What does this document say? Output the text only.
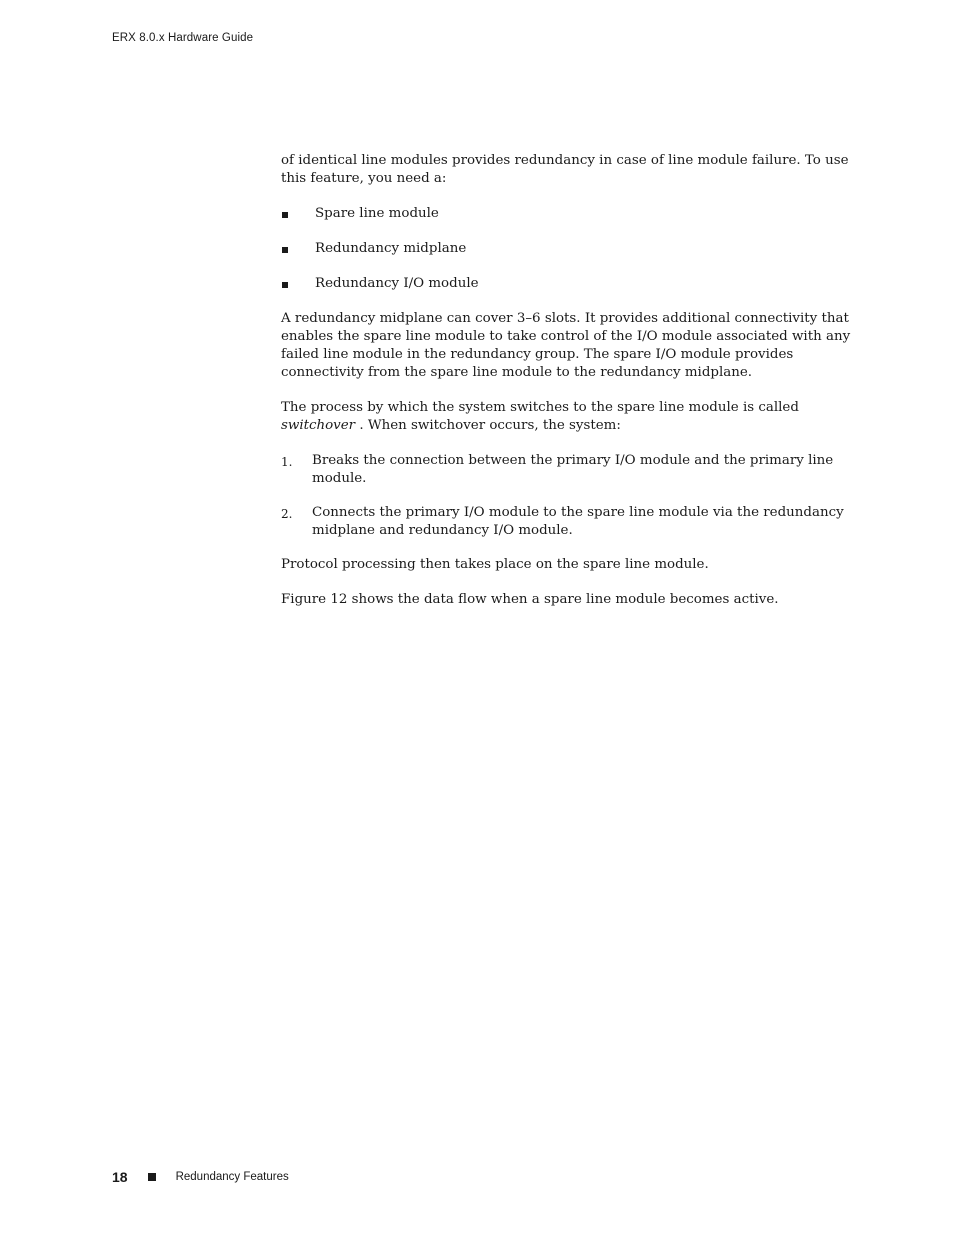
ERX 8.0.x Hardware Guide

of identical line modules provides redundancy in case of line module failure. To use this feature, you need a:

Spare line module
Redundancy midplane
Redundancy I/O module

A redundancy midplane can cover 3–6 slots. It provides additional connectivity that enables the spare line module to take control of the I/O module associated with any failed line module in the redundancy group. The spare I/O module provides connectivity from the spare line module to the redundancy midplane.

The process by which the system switches to the spare line module is called switchover . When switchover occurs, the system:

1. Breaks the connection between the primary I/O module and the primary line module.
2. Connects the primary I/O module to the spare line module via the redundancy midplane and redundancy I/O module.

Protocol processing then takes place on the spare line module.

Figure 12 shows the data flow when a spare line module becomes active.

18	Redundancy Features
